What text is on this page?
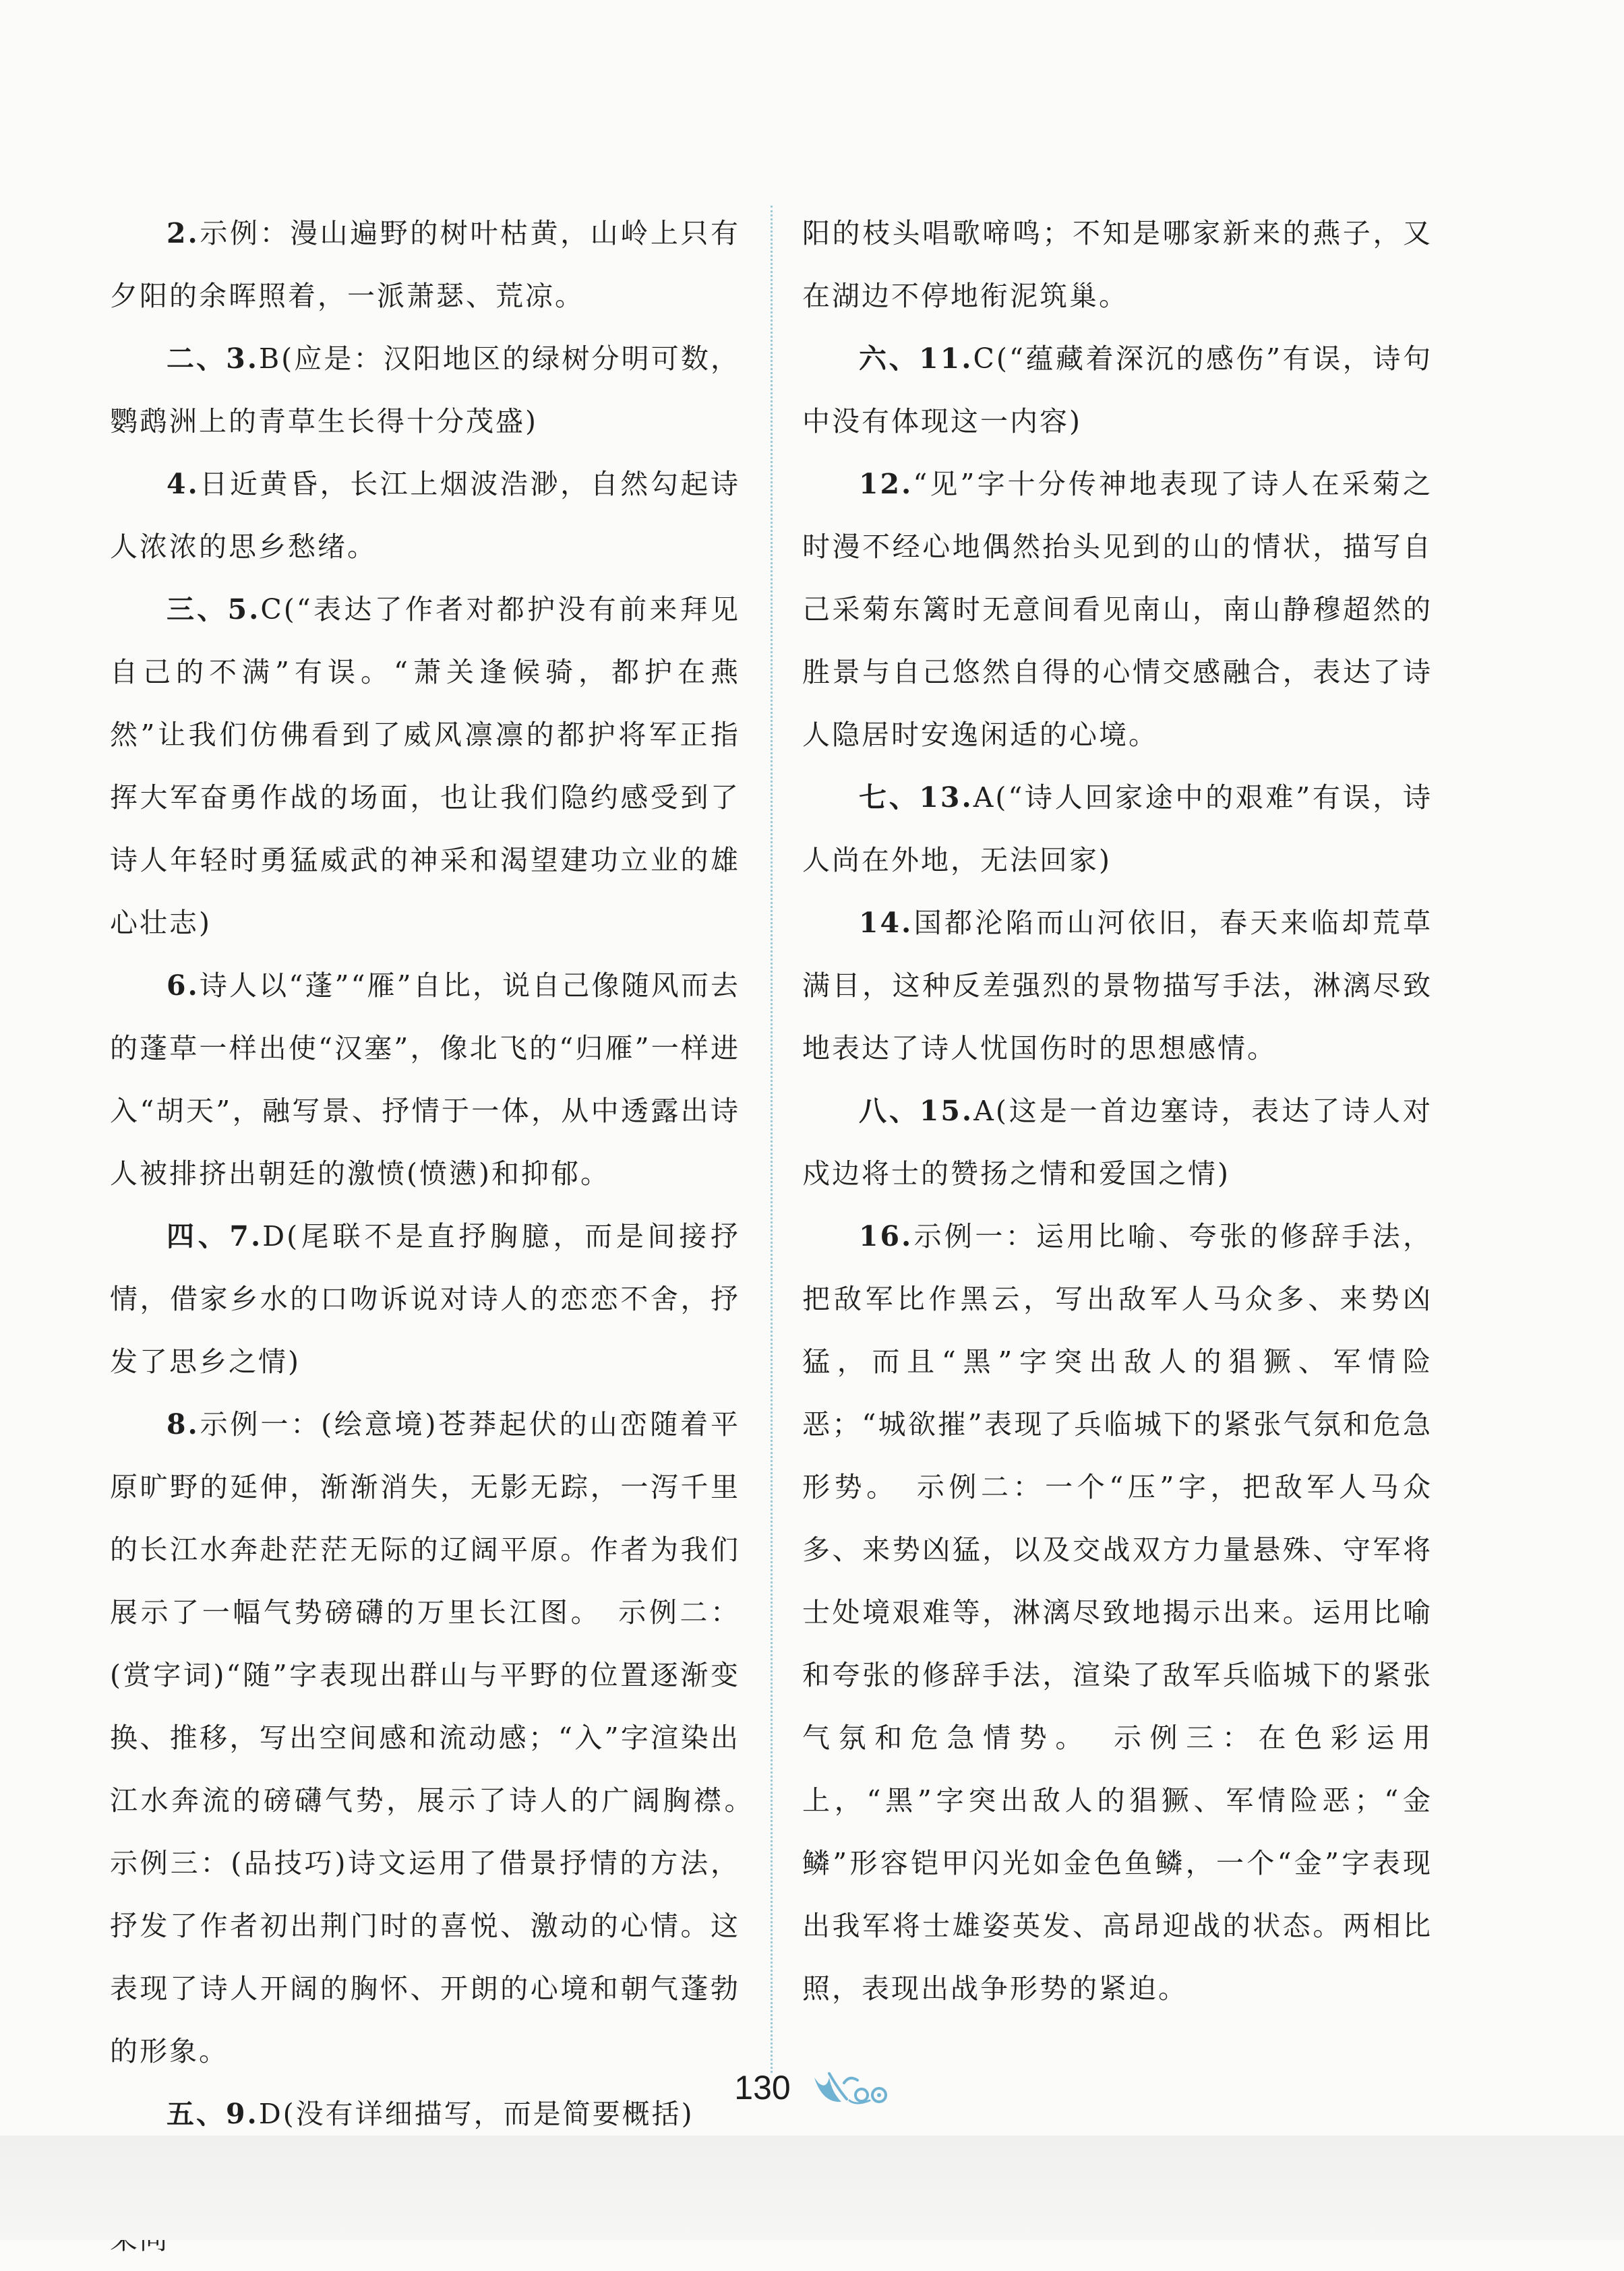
2.示例：漫山遍野的树叶枯黄，山岭上只有夕阳的余晖照着，一派萧瑟、荒凉。

二、3.B(应是：汉阳地区的绿树分明可数，鹦鹉洲上的青草生长得十分茂盛)

4.日近黄昏，长江上烟波浩渺，自然勾起诗人浓浓的思乡愁绪。

三、5.C(“表达了作者对都护没有前来拜见自己的不满”有误。“萧关逢候骑，都护在燕然”让我们仿佛看到了威风凛凛的都护将军正指挥大军奋勇作战的场面，也让我们隐约感受到了诗人年轻时勇猛威武的神采和渴望建功立业的雄心壮志)

6.诗人以“蓬”“雁”自比，说自己像随风而去的蓬草一样出使“汉塞”，像北飞的“归雁”一样进入“胡天”，融写景、抒情于一体，从中透露出诗人被排挤出朝廷的激愤(愤懑)和抑郁。

四、7.D(尾联不是直抒胸臆，而是间接抒情，借家乡水的口吻诉说对诗人的恋恋不舍，抒发了思乡之情)

8.示例一：(绘意境)苍莽起伏的山峦随着平原旷野的延伸，渐渐消失，无影无踪，一泻千里的长江水奔赴茫茫无际的辽阔平原。作者为我们展示了一幅气势磅礴的万里长江图。　示例二：(赏字词)“随”字表现出群山与平野的位置逐渐变换、推移，写出空间感和流动感；“入”字渲染出江水奔流的磅礴气势，展示了诗人的广阔胸襟。　示例三：(品技巧)诗文运用了借景抒情的方法，抒发了作者初出荆门时的喜悦、激动的心情。这表现了诗人开阔的胸怀、开朗的心境和朝气蓬勃的形象。

五、9.D(没有详细描写，而是简要概括)

阳的枝头唱歌啼鸣；不知是哪家新来的燕子，又在湖边不停地衔泥筑巢。

六、11.C(“蕴藏着深沉的感伤”有误，诗句中没有体现这一内容)

12.“见”字十分传神地表现了诗人在采菊之时漫不经心地偶然抬头见到的山的情状，描写自己采菊东篱时无意间看见南山，南山静穆超然的胜景与自己悠然自得的心情交感融合，表达了诗人隐居时安逸闲适的心境。

七、13.A(“诗人回家途中的艰难”有误，诗人尚在外地，无法回家)

14.国都沦陷而山河依旧，春天来临却荒草满目，这种反差强烈的景物描写手法，淋漓尽致地表达了诗人忧国伤时的思想感情。

八、15.A(这是一首边塞诗，表达了诗人对戍边将士的赞扬之情和爱国之情)

16.示例一：运用比喻、夸张的修辞手法，把敌军比作黑云，写出敌军人马众多、来势凶猛，而且“黑”字突出敌人的猖獗、军情险恶；“城欲摧”表现了兵临城下的紧张气氛和危急形势。　示例二：一个“压”字，把敌军人马众多、来势凶猛，以及交战双方力量悬殊、守军将士处境艰难等，淋漓尽致地揭示出来。运用比喻和夸张的修辞手法，渲染了敌军兵临城下的紧张气氛和危急情势。　示例三：在色彩运用上，“黑”字突出敌人的猖獗、军情险恶；“金鳞”形容铠甲闪光如金色鱼鳞，一个“金”字表现出我军将士雄姿英发、高昂迎战的状态。两相比照，表现出战争形势的紧迫。

130
